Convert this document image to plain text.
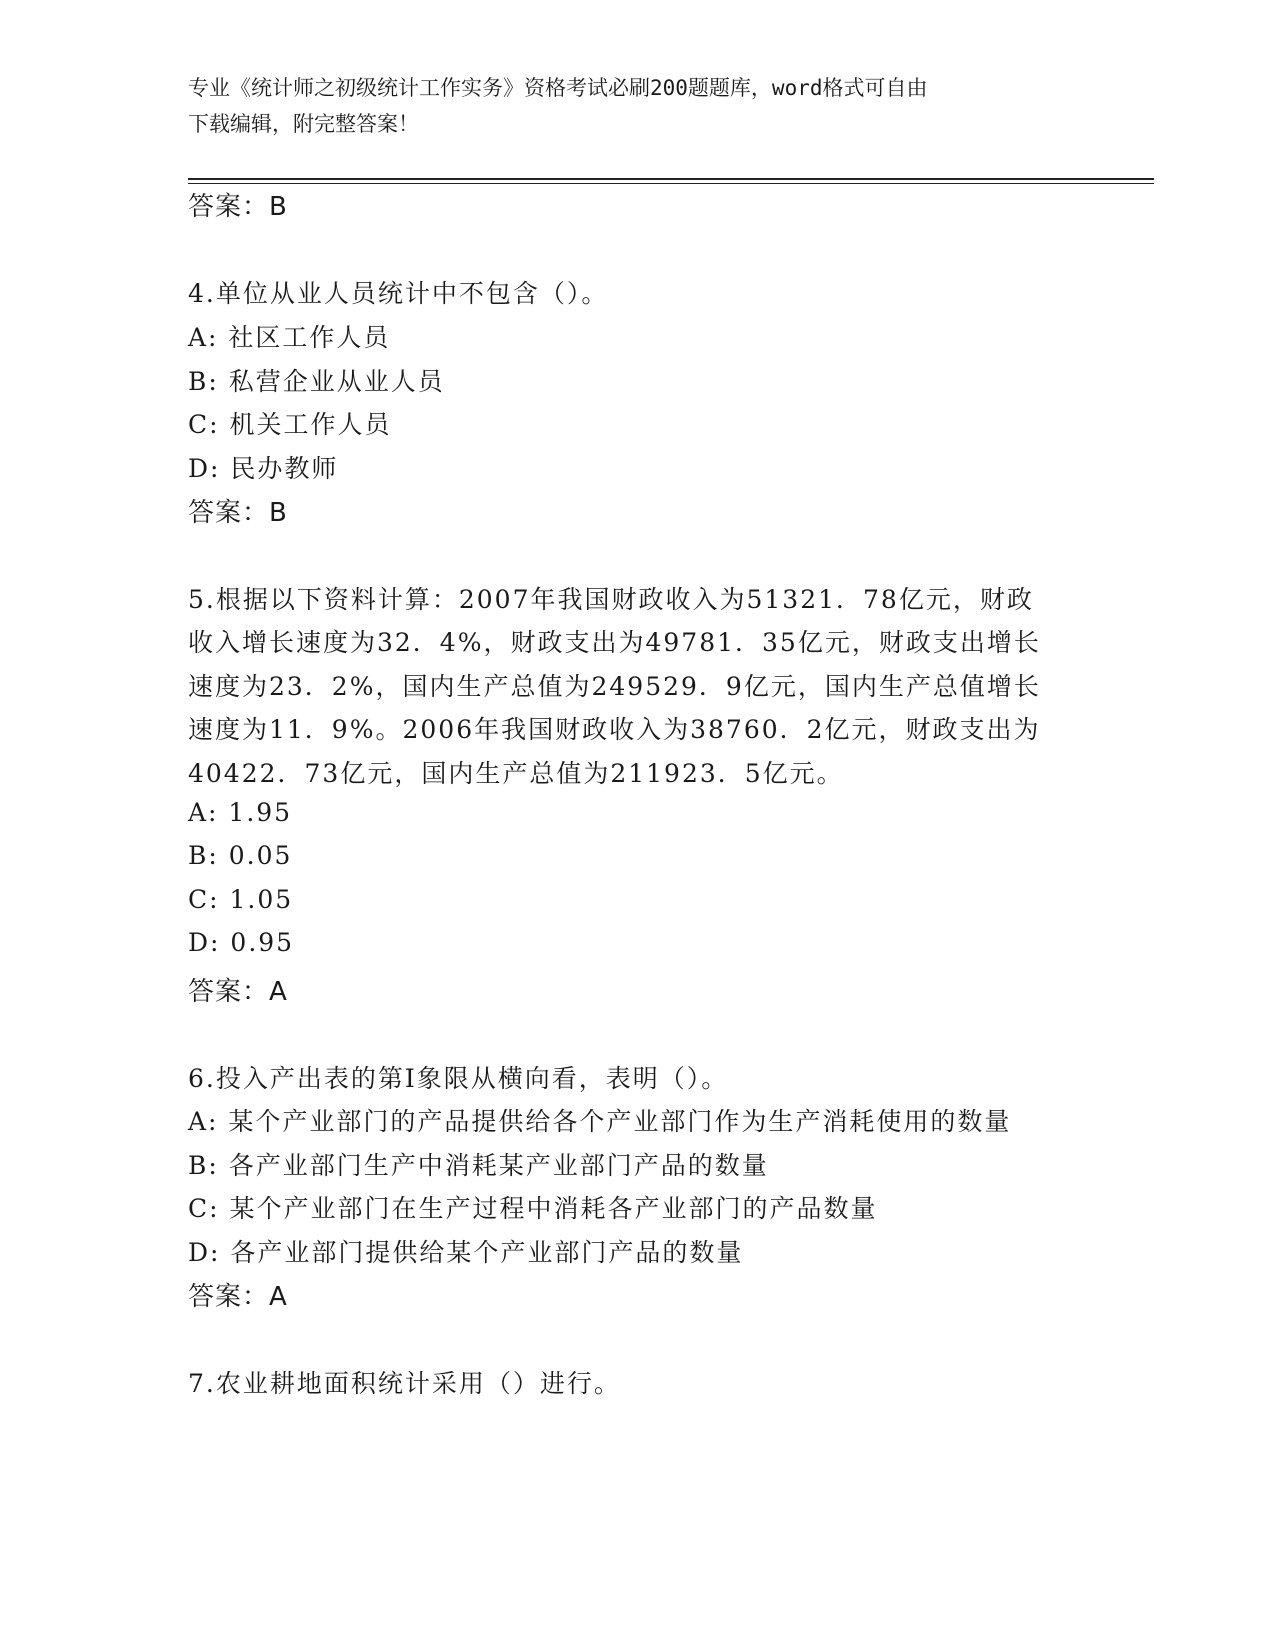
专业《统计师之初级统计工作实务》资格考试必刷200题题库，word格式可自由
下载编辑，附完整答案！
答案：B
4.单位从业人员统计中不包含（）。
A: 社区工作人员
B: 私营企业从业人员
C: 机关工作人员
D: 民办教师
答案：B
5.根据以下资料计算：2007年我国财政收入为51321．78亿元，财政
收入增长速度为32．4%，财政支出为49781．35亿元，财政支出增长
速度为23．2%，国内生产总值为249529．9亿元，国内生产总值增长
速度为11．9%。2006年我国财政收入为38760．2亿元，财政支出为
40422．73亿元，国内生产总值为211923．5亿元。
A: 1.95
B: 0.05
C: 1.05
D: 0.95
答案：A
6.投入产出表的第Ⅰ象限从横向看，表明（）。
A: 某个产业部门的产品提供给各个产业部门作为生产消耗使用的数量
B: 各产业部门生产中消耗某产业部门产品的数量
C: 某个产业部门在生产过程中消耗各产业部门的产品数量
D: 各产业部门提供给某个产业部门产品的数量
答案：A
7.农业耕地面积统计采用（）进行。
